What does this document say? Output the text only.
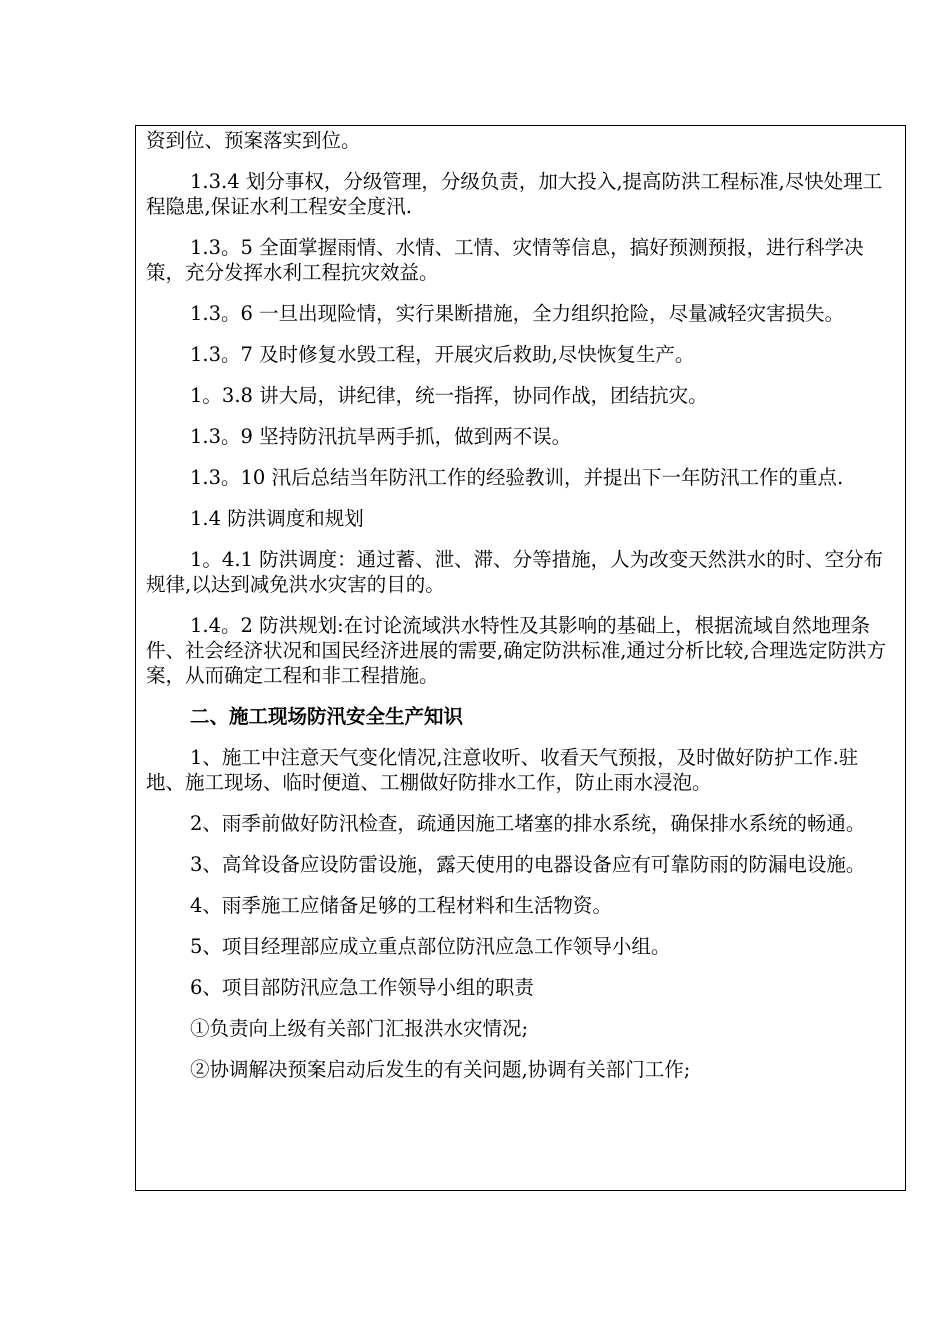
资到位、预案落实到位。

1.3.4 划分事权，分级管理，分级负责，加大投入,提高防洪工程标准,尽快处理工程隐患,保证水利工程安全度汛.

1.3。5 全面掌握雨情、水情、工情、灾情等信息，搞好预测预报，进行科学决策，充分发挥水利工程抗灾效益。

1.3。6 一旦出现险情，实行果断措施，全力组织抢险，尽量减轻灾害损失。

1.3。7 及时修复水毁工程，开展灾后救助,尽快恢复生产。

1。3.8 讲大局，讲纪律，统一指挥，协同作战，团结抗灾。

1.3。9 坚持防汛抗旱两手抓，做到两不误。

1.3。10 汛后总结当年防汛工作的经验教训，并提出下一年防汛工作的重点.

1.4 防洪调度和规划

1。4.1 防洪调度：通过蓄、泄、滞、分等措施，人为改变天然洪水的时、空分布规律,以达到减免洪水灾害的目的。

1.4。2 防洪规划:在讨论流域洪水特性及其影响的基础上，根据流域自然地理条件、社会经济状况和国民经济进展的需要,确定防洪标准,通过分析比较,合理选定防洪方案，从而确定工程和非工程措施。

二、施工现场防汛安全生产知识

1、施工中注意天气变化情况,注意收听、收看天气预报，及时做好防护工作.驻地、施工现场、临时便道、工棚做好防排水工作，防止雨水浸泡。

2、雨季前做好防汛检查，疏通因施工堵塞的排水系统，确保排水系统的畅通。

3、高耸设备应设防雷设施，露天使用的电器设备应有可靠防雨的防漏电设施。

4、雨季施工应储备足够的工程材料和生活物资。

5、项目经理部应成立重点部位防汛应急工作领导小组。

6、项目部防汛应急工作领导小组的职责

①负责向上级有关部门汇报洪水灾情况;

②协调解决预案启动后发生的有关问题,协调有关部门工作;
